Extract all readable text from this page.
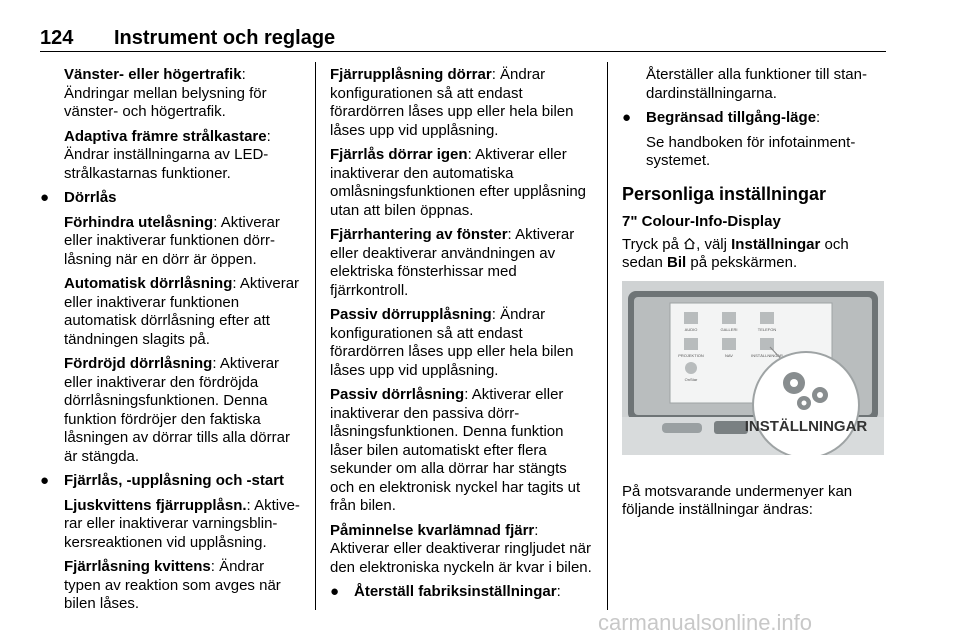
124 Instrument och reglage

Vänster- eller högertrafik:
Ändringar mellan belysning för vänster- och högertrafik.

Adaptiva främre strålkastare:
Ändrar inställningarna av LED-strålkastarnas funktioner.

● Dörrlås

Förhindra utelåsning: Aktiverar eller inaktiverar funktionen dörrlåsning när en dörr är öppen.

Automatisk dörrlåsning: Aktiverar eller inaktiverar funktionen automatisk dörrlåsning efter att tändningen slagits på.

Fördröjd dörrlåsning: Aktiverar eller inaktiverar den fördröjda dörrlåsningsfunktionen. Denna funktion fördröjer den faktiska låsningen av dörrar tills alla dörrar är stängda.

● Fjärrlås, -upplåsning och -start

Ljuskvittens fjärrupplåsn.: Aktiverar eller inaktiverar varningsblinkersreaktionen vid upplåsning.

Fjärrlåsning kvittens: Ändrar typen av reaktion som avges när bilen låses.

Fjärrupplåsning dörrar: Ändrar konfigurationen så att endast förardörren låses upp eller hela bilen låses upp vid upplåsning.

Fjärrlås dörrar igen: Aktiverar eller inaktiverar den automatiska omlåsningsfunktionen efter upplåsning utan att bilen öppnas.

Fjärrhantering av fönster: Aktiverar eller deaktiverar användningen av elektriska fönsterhissar med fjärrkontroll.

Passiv dörrupplåsning: Ändrar konfigurationen så att endast förardörren låses upp eller hela bilen låses upp vid upplåsning.

Passiv dörrlåsning: Aktiverar eller inaktiverar den passiva dörrlåsningsfunktionen. Denna funktion låser bilen automatiskt efter flera sekunder om alla dörrar har stängts och en elektronisk nyckel har tagits ut från bilen.

Påminnelse kvarlämnad fjärr:
Aktiverar eller deaktiverar ringljudet när den elektroniska nyckeln är kvar i bilen.

● Återställ fabriksinställningar:

Återställer alla funktioner till standardinställningarna.

● Begränsad tillgång-läge:

Se handboken för infotainmentsystemet.

Personliga inställningar
7" Colour-Info-Display

Tryck på , välj Inställningar och sedan Bil på pekskärmen.

AUDIO	GALLERI	TELEFON
PROJEKTION	NAV	INSTÄLLNINGAR
OnStar
INSTÄLLNINGAR

På motsvarande undermenyer kan följande inställningar ändras:

carmanualsonline.info
